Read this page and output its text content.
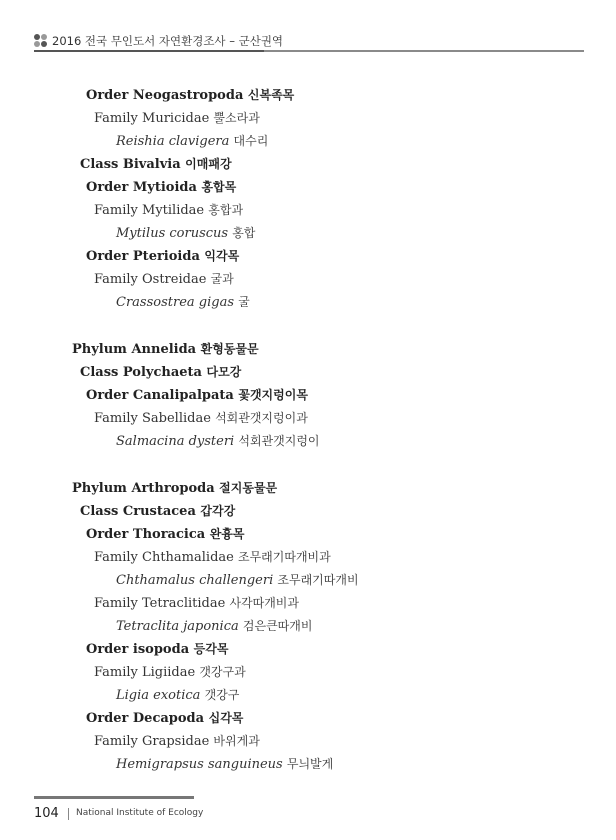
2016 전국 무인도서 자연환경조사 – 군산권역
Order Neogastropoda 신복족목
Family Muricidae 뿔소라과
Reishia clavigera 대수리
Class Bivalvia 이매패강
Order Mytioida 홍합목
Family Mytilidae 홍합과
Mytilus coruscus 홍합
Order Pterioida 익각목
Family Ostreidae 굴과
Crassostrea gigas 굴
Phylum Annelida 환형동물문
Class Polychaeta 다모강
Order Canalipalpata 꽃갯지렁이목
Family Sabellidae 석회관갯지렁이과
Salmacina dysteri 석회관갯지렁이
Phylum Arthropoda 절지동물문
Class Crustacea 갑각강
Order Thoracica 완흉목
Family Chthamalidae 조무래기따개비과
Chthamalus challengeri 조무래기따개비
Family Tetraclitidae 사각따개비과
Tetraclita japonica 검은큰따개비
Order isopoda 등각목
Family Ligiidae 갯강구과
Ligia exotica 갯강구
Order Decapoda 십각목
Family Grapsidae 바위게과
Hemigrapsus sanguineus 무늬발게
104 National Institute of Ecology
